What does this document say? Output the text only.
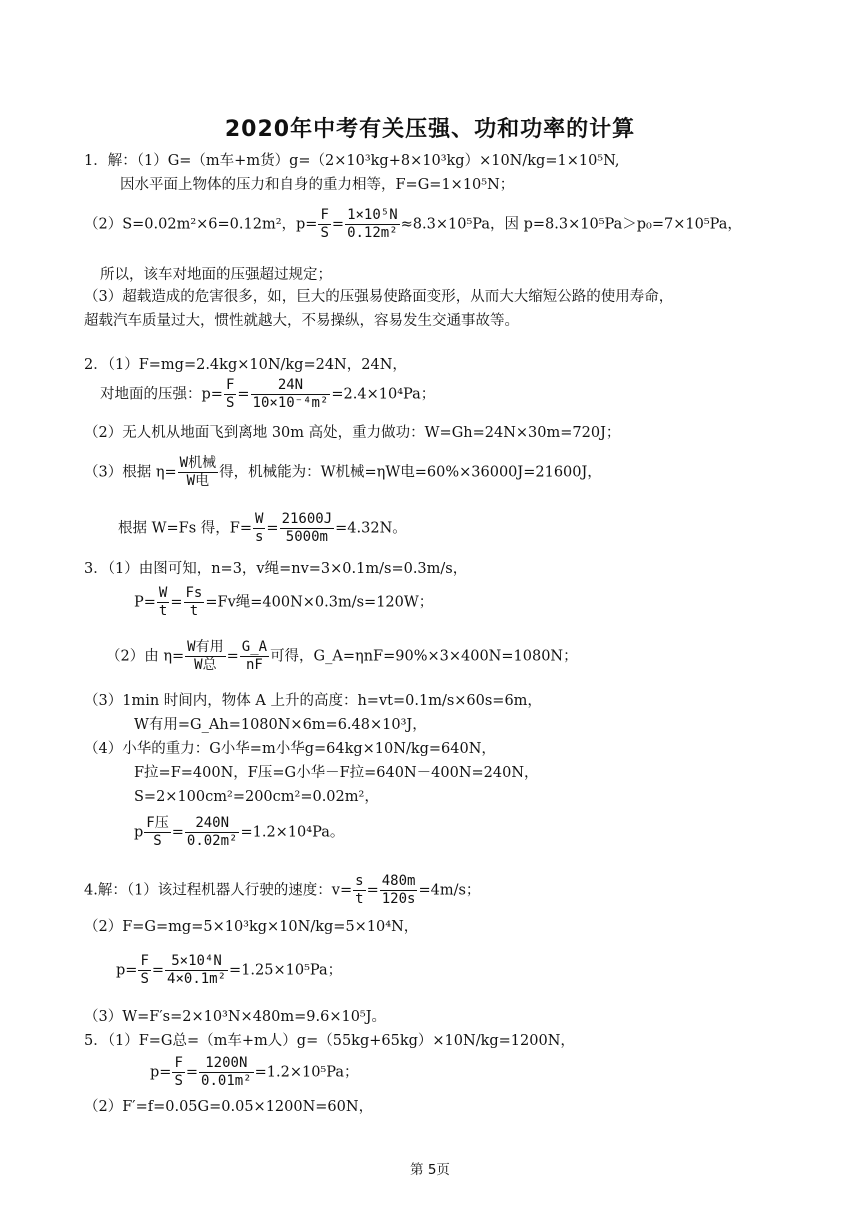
2020年中考有关压强、功和功率的计算
1．解：（1）G=（m车+m货）g=（2×10³kg+8×10³kg）×10N/kg=1×10⁵N,
因水平面上物体的压力和自身的重力相等，F=G=1×10⁵N；
（2）S=0.02m²×6=0.12m²，$p= \frac{F}{S} = \frac{\text{1×10⁵N}}{\text{0.12m²}} \approx 8.3\times 10^5Pa$，因 p=8.3×10⁵Pa＞p₀=7×10⁵Pa，
所以，该车对地面的压强超过规定；
（3）超载造成的危害很多，如，巨大的压强易使路面变形，从而大大缩短公路的使用寿命，
超载汽车质量过大，惯性就越大，不易操纵，容易发生交通事故等。
2．（1）F=mg=2.4kg×10N/kg=24N，24N，
对地面的压强：$p= \frac{F}{S} = \frac{24N}{\text{10×10⁻⁴m²}} =2.4\times 10^4Pa$；
（2）无人机从地面飞到离地 30m 高处，重力做功：W=Gh=24N×30m=720J；
（3）根据 $\eta= \frac{\text{W机械}}{\text{W电}}$ 得，机械能为：W机械=ηW电=60%×36000J=21600J，
根据 W=Fs 得，$F= \frac{W}{s} = \frac{21600J}{5000m} =4.32N$。
3．（1）由图可知，n=3，v绳=nv=3×0.1m/s=0.3m/s，
$P= \frac{W}{t} = \frac{Fs}{t} =Fv$绳=400N×0.3m/s=120W；
（2）由 $\eta= \frac{\text{W有用}}{\text{W总}} = \frac{G\_A}{nF}$ 可得，G_A=ηnF=90%×3×400N=1080N；
（3）1min 时间内，物体 A 上升的高度：h=vt=0.1m/s×60s=6m，
W有用=G_Ah=1080N×6m=6.48×10³J，
（4）小华的重力：G小华=m小华g=64kg×10N/kg=640N，
F拉=F=400N，F压=G小华－F拉=640N－400N=240N，
S=2×100cm²=200cm²=0.02m²，
p $\frac{\text{F压}}{S} = \frac{240N}{\text{0.02m²}} =1.2\times 10^4Pa$。
4.解：（1）该过程机器人行驶的速度：$v= \frac{s}{t} = \frac{480m}{120s} =4m/s$；
（2）F=G=mg=5×10³kg×10N/kg=5×10⁴N，
$p= \frac{F}{S} = \frac{\text{5×10⁴N}}{\text{4×0.1m²}} =1.25\times 10^5Pa$；
（3）W=F′s=2×10³N×480m=9.6×10⁵J。
5．（1）F=G总=（m车+m人）g=（55kg+65kg）×10N/kg=1200N，
$p= \frac{F}{S} = \frac{1200N}{\text{0.01m²}} =1.2\times 10^5Pa$；
（2）F′=f=0.05G=0.05×1200N=60N，
第 5页
